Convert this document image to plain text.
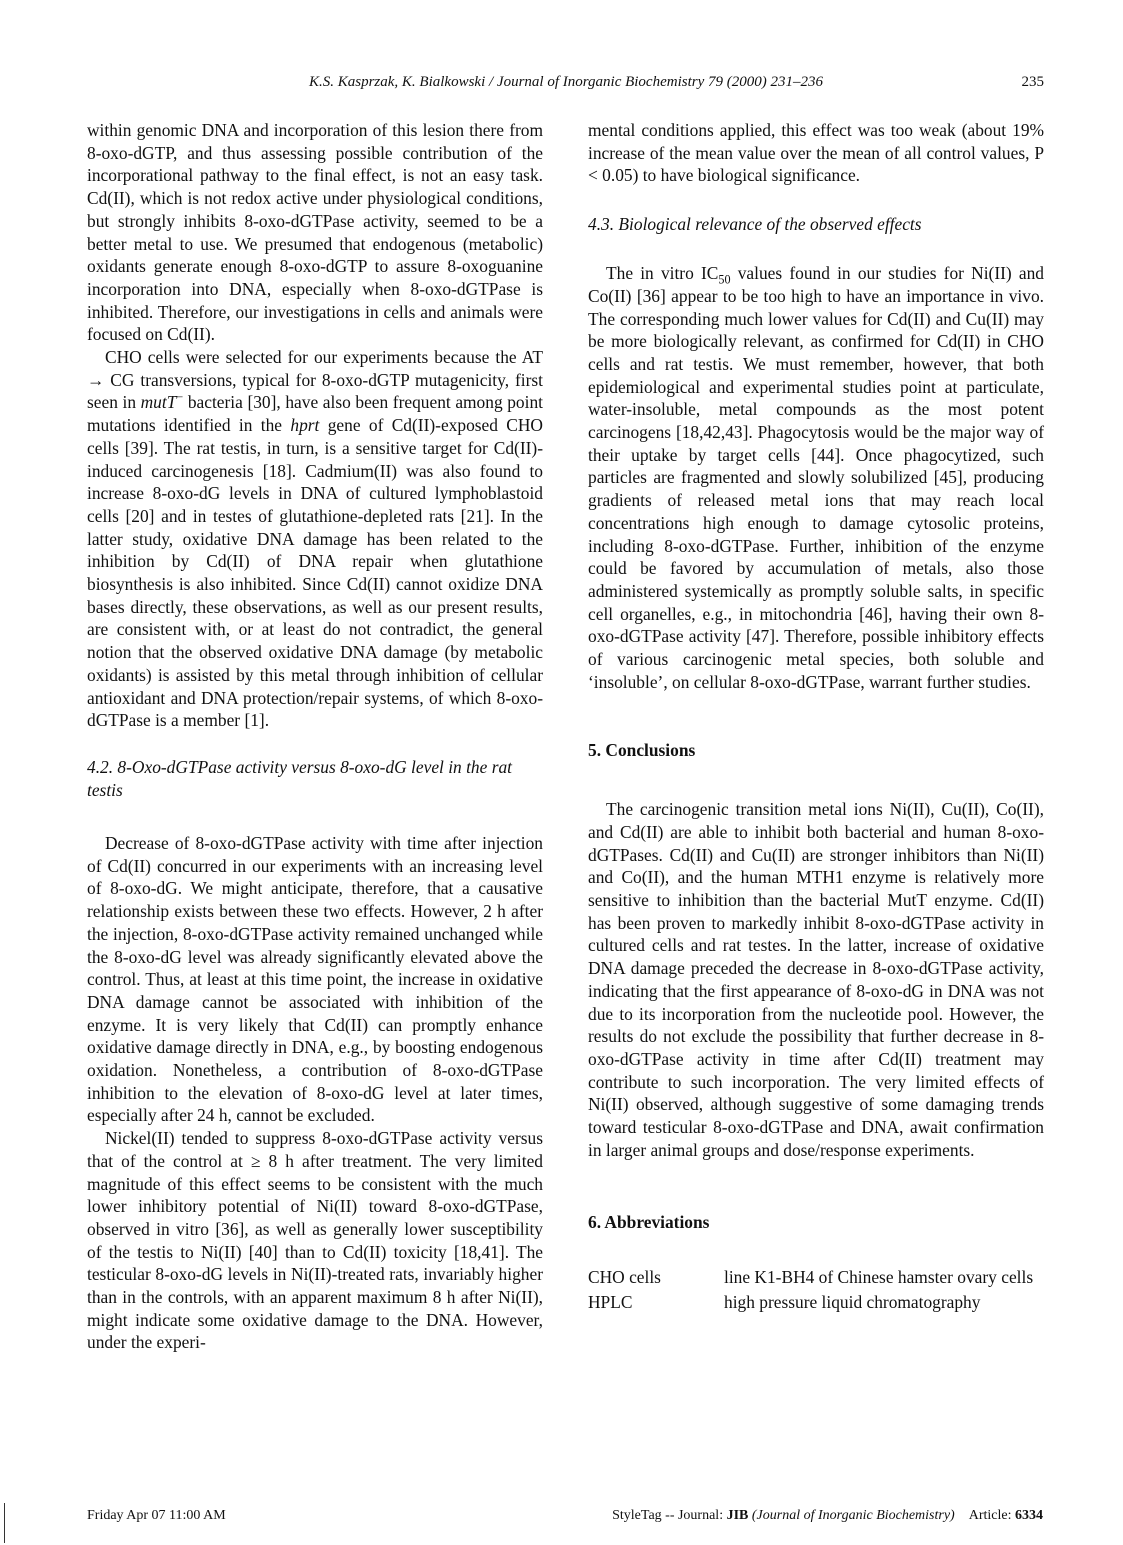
K.S. Kasprzak, K. Bialkowski / Journal of Inorganic Biochemistry 79 (2000) 231–236	235

within genomic DNA and incorporation of this lesion there from 8-oxo-dGTP, and thus assessing possible contribution of the incorporational pathway to the final effect, is not an easy task. Cd(II), which is not redox active under physiological conditions, but strongly inhibits 8-oxo-dGTPase activity, seemed to be a better metal to use. We presumed that endogenous (metabolic) oxidants generate enough 8-oxo-dGTP to assure 8-oxoguanine incorporation into DNA, especially when 8-oxo-dGTPase is inhibited. Therefore, our investigations in cells and animals were focused on Cd(II).

CHO cells were selected for our experiments because the AT → CG transversions, typical for 8-oxo-dGTP mutagenicity, first seen in mutT− bacteria [30], have also been frequent among point mutations identified in the hprt gene of Cd(II)-exposed CHO cells [39]. The rat testis, in turn, is a sensitive target for Cd(II)-induced carcinogenesis [18]. Cadmium(II) was also found to increase 8-oxo-dG levels in DNA of cultured lymphoblastoid cells [20] and in testes of glutathione-depleted rats [21]. In the latter study, oxidative DNA damage has been related to the inhibition by Cd(II) of DNA repair when glutathione biosynthesis is also inhibited. Since Cd(II) cannot oxidize DNA bases directly, these observations, as well as our present results, are consistent with, or at least do not contradict, the general notion that the observed oxidative DNA damage (by metabolic oxidants) is assisted by this metal through inhibition of cellular antioxidant and DNA protection/repair systems, of which 8-oxo-dGTPase is a member [1].

4.2. 8-Oxo-dGTPase activity versus 8-oxo-dG level in the rat testis

Decrease of 8-oxo-dGTPase activity with time after injection of Cd(II) concurred in our experiments with an increasing level of 8-oxo-dG. We might anticipate, therefore, that a causative relationship exists between these two effects. However, 2 h after the injection, 8-oxo-dGTPase activity remained unchanged while the 8-oxo-dG level was already significantly elevated above the control. Thus, at least at this time point, the increase in oxidative DNA damage cannot be associated with inhibition of the enzyme. It is very likely that Cd(II) can promptly enhance oxidative damage directly in DNA, e.g., by boosting endogenous oxidation. Nonetheless, a contribution of 8-oxo-dGTPase inhibition to the elevation of 8-oxo-dG level at later times, especially after 24 h, cannot be excluded.

Nickel(II) tended to suppress 8-oxo-dGTPase activity versus that of the control at ≥ 8 h after treatment. The very limited magnitude of this effect seems to be consistent with the much lower inhibitory potential of Ni(II) toward 8-oxo-dGTPase, observed in vitro [36], as well as generally lower susceptibility of the testis to Ni(II) [40] than to Cd(II) toxicity [18,41]. The testicular 8-oxo-dG levels in Ni(II)-treated rats, invariably higher than in the controls, with an apparent maximum 8 h after Ni(II), might indicate some oxidative damage to the DNA. However, under the experi-

mental conditions applied, this effect was too weak (about 19% increase of the mean value over the mean of all control values, P < 0.05) to have biological significance.

4.3. Biological relevance of the observed effects

The in vitro $IC_{50}$ values found in our studies for Ni(II) and Co(II) [36] appear to be too high to have an importance in vivo. The corresponding much lower values for Cd(II) and Cu(II) may be more biologically relevant, as confirmed for Cd(II) in CHO cells and rat testis. We must remember, however, that both epidemiological and experimental studies point at particulate, water-insoluble, metal compounds as the most potent carcinogens [18,42,43]. Phagocytosis would be the major way of their uptake by target cells [44]. Once phagocytized, such particles are fragmented and slowly solubilized [45], producing gradients of released metal ions that may reach local concentrations high enough to damage cytosolic proteins, including 8-oxo-dGTPase. Further, inhibition of the enzyme could be favored by accumulation of metals, also those administered systemically as promptly soluble salts, in specific cell organelles, e.g., in mitochondria [46], having their own 8-oxo-dGTPase activity [47]. Therefore, possible inhibitory effects of various carcinogenic metal species, both soluble and ‘insoluble’, on cellular 8-oxo-dGTPase, warrant further studies.

5. Conclusions

The carcinogenic transition metal ions Ni(II), Cu(II), Co(II), and Cd(II) are able to inhibit both bacterial and human 8-oxo-dGTPases. Cd(II) and Cu(II) are stronger inhibitors than Ni(II) and Co(II), and the human MTH1 enzyme is relatively more sensitive to inhibition than the bacterial MutT enzyme. Cd(II) has been proven to markedly inhibit 8-oxo-dGTPase activity in cultured cells and rat testes. In the latter, increase of oxidative DNA damage preceded the decrease in 8-oxo-dGTPase activity, indicating that the first appearance of 8-oxo-dG in DNA was not due to its incorporation from the nucleotide pool. However, the results do not exclude the possibility that further decrease in 8-oxo-dGTPase activity in time after Cd(II) treatment may contribute to such incorporation. The very limited effects of Ni(II) observed, although suggestive of some damaging trends toward testicular 8-oxo-dGTPase and DNA, await confirmation in larger animal groups and dose/response experiments.

6. Abbreviations
CHO cells	line K1-BH4 of Chinese hamster ovary cells
HPLC	high pressure liquid chromatography
Friday Apr 07 11:00 AM	StyleTag -- Journal: JIB (Journal of Inorganic Biochemistry) Article: 6334
